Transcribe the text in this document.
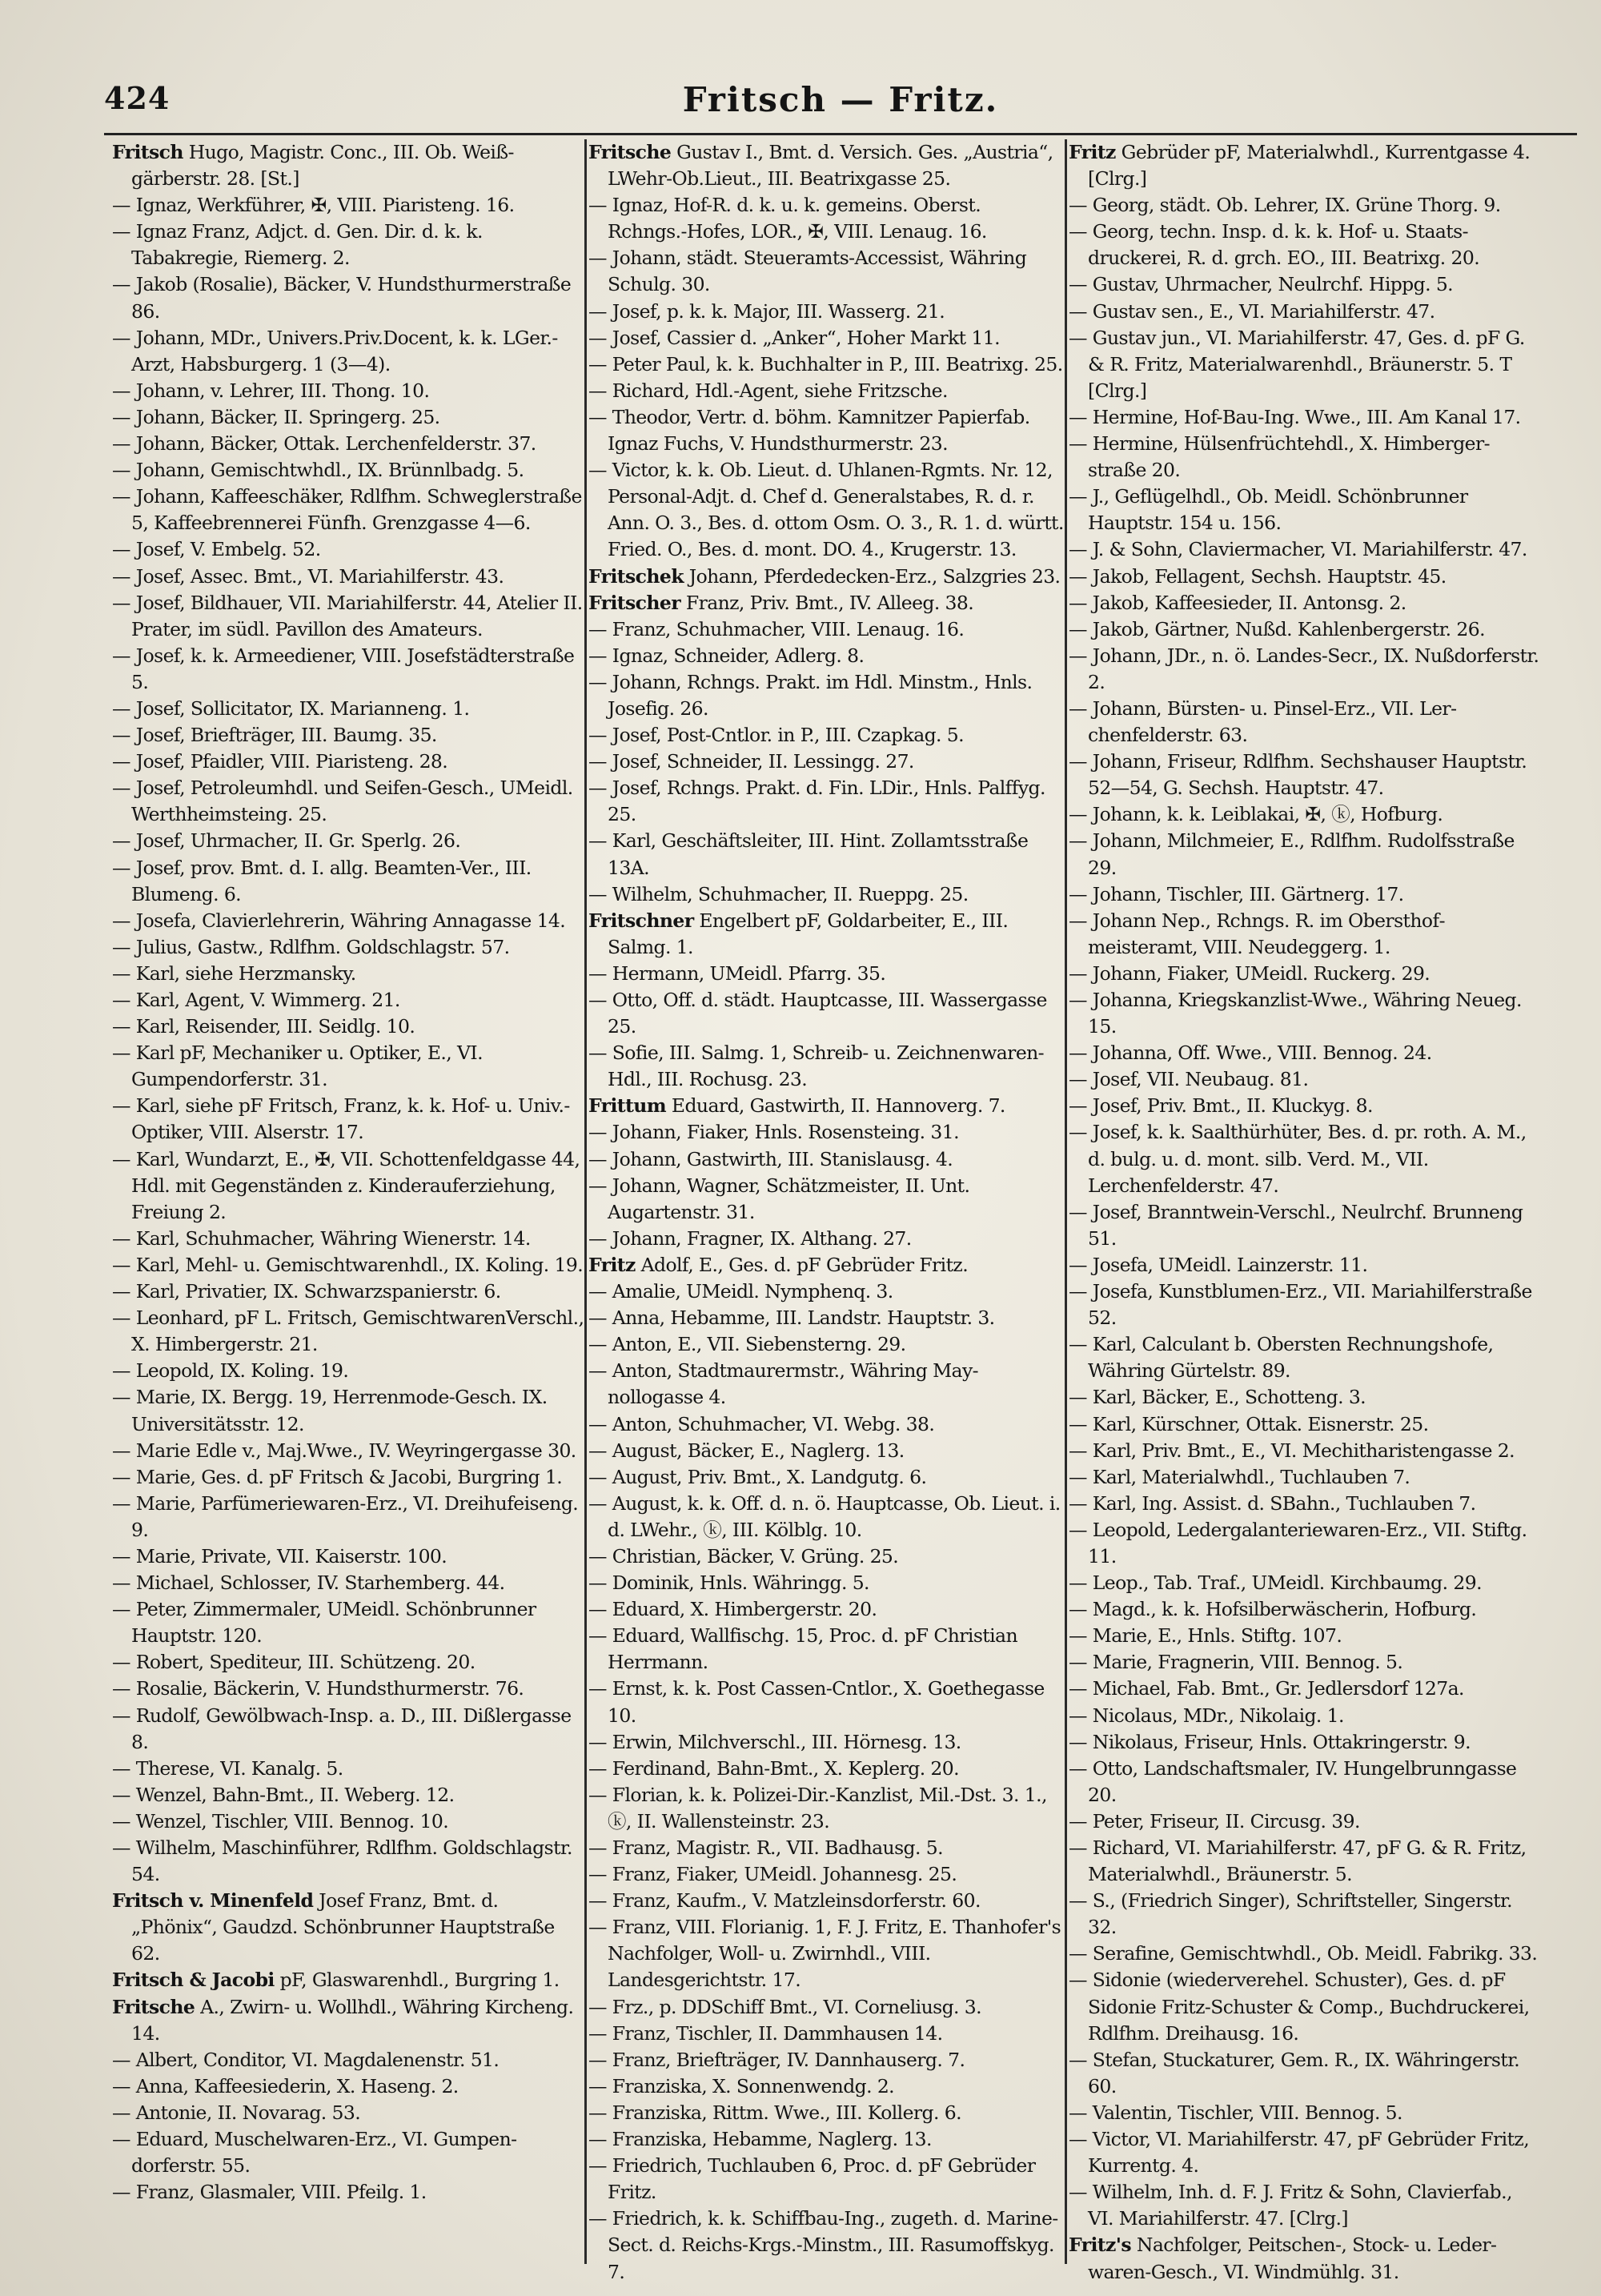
424	Fritsch — Fritz.

Fritsch Hugo, Magistr. Conc., III. Ob. Weißgärberstr. 28. [St.]

— Ignaz, Werkführer, ✠, VIII. Piaristeng. 16.

— Ignaz Franz, Adjct. d. Gen. Dir. d. k. k. Tabakregie, Riemerg. 2.

— Jakob (Rosalie), Bäcker, V. Hundsthurmerstraße 86.

— Johann, MDr., Univers.Priv.Docent, k. k. LGer.-Arzt, Habsburgerg. 1 (3—4).

— Johann, v. Lehrer, III. Thong. 10.

— Johann, Bäcker, II. Springerg. 25.

— Johann, Bäcker, Ottak. Lerchenfelderstr. 37.

— Johann, Gemischtwhdl., IX. Brünnlbadg. 5.

— Johann, Kaffeeschäker, Rdlfhm. Schweglerstraße 5, Kaffeebrennerei Fünfh. Grenzgasse 4—6.

— Josef, V. Embelg. 52.

— Josef, Assec. Bmt., VI. Mariahilferstr. 43.

— Josef, Bildhauer, VII. Mariahilferstr. 44, Atelier II. Prater, im südl. Pavillon des Amateurs.

— Josef, k. k. Armeediener, VIII. Josefstädterstraße 5.

— Josef, Sollicitator, IX. Marianneng. 1.

— Josef, Briefträger, III. Baumg. 35.

— Josef, Pfaidler, VIII. Piaristeng. 28.

— Josef, Petroleumhdl. und Seifen-Gesch., UMeidl. Werthheimsteing. 25.

— Josef, Uhrmacher, II. Gr. Sperlg. 26.

— Josef, prov. Bmt. d. I. allg. Beamten-Ver., III. Blumeng. 6.

— Josefa, Clavierlehrerin, Währing Annagasse 14.

— Julius, Gastw., Rdlfhm. Goldschlagstr. 57.

— Karl, siehe Herzmansky.

— Karl, Agent, V. Wimmerg. 21.

— Karl, Reisender, III. Seidlg. 10.

— Karl pF, Mechaniker u. Optiker, E., VI. Gumpendorferstr. 31.

— Karl, siehe pF Fritsch, Franz, k. k. Hof- u. Univ.-Optiker, VIII. Alserstr. 17.

— Karl, Wundarzt, E., ✠, VII. Schottenfeldgasse 44, Hdl. mit Gegenständen z. Kinderauferziehung, Freiung 2.

— Karl, Schuhmacher, Währing Wienerstr. 14.

— Karl, Mehl- u. Gemischtwarenhdl., IX. Koling. 19.

— Karl, Privatier, IX. Schwarzspanierstr. 6.

— Leonhard, pF L. Fritsch, GemischtwarenVerschl., X. Himbergerstr. 21.

— Leopold, IX. Koling. 19.

— Marie, IX. Bergg. 19, Herrenmode-Gesch. IX. Universitätsstr. 12.

— Marie Edle v., Maj.Wwe., IV. Weyringergasse 30.

— Marie, Ges. d. pF Fritsch & Jacobi, Burgring 1.

— Marie, Parfümeriewaren-Erz., VI. Dreihufeiseng. 9.

— Marie, Private, VII. Kaiserstr. 100.

— Michael, Schlosser, IV. Starhemberg. 44.

— Peter, Zimmermaler, UMeidl. Schönbrunner Hauptstr. 120.

— Robert, Spediteur, III. Schützeng. 20.

— Rosalie, Bäckerin, V. Hundsthurmerstr. 76.

— Rudolf, Gewölbwach-Insp. a. D., III. Dißlergasse 8.

— Therese, VI. Kanalg. 5.

— Wenzel, Bahn-Bmt., II. Weberg. 12.

— Wenzel, Tischler, VIII. Bennog. 10.

— Wilhelm, Maschinführer, Rdlfhm. Goldschlagstr. 54.

Fritsch v. Minenfeld Josef Franz, Bmt. d. „Phönix“, Gaudzd. Schönbrunner Hauptstraße 62.

Fritsch & Jacobi pF, Glaswarenhdl., Burgring 1.

Fritsche A., Zwirn- u. Wollhdl., Währing Kircheng. 14.

— Albert, Conditor, VI. Magdalenenstr. 51.

— Anna, Kaffeesiederin, X. Haseng. 2.

— Antonie, II. Novarag. 53.

— Eduard, Muschelwaren-Erz., VI. Gumpendorferstr. 55.

— Franz, Glasmaler, VIII. Pfeilg. 1.

Fritsche Gustav I., Bmt. d. Versich. Ges. „Austria“, LWehr-Ob.Lieut., III. Beatrixgasse 25.

— Ignaz, Hof-R. d. k. u. k. gemeins. Oberst. Rchngs.-Hofes, LOR., ✠, VIII. Lenaug. 16.

— Johann, städt. Steueramts-Accessist, Währing Schulg. 30.

— Josef, p. k. k. Major, III. Wasserg. 21.

— Josef, Cassier d. „Anker“, Hoher Markt 11.

— Peter Paul, k. k. Buchhalter in P., III. Beatrixg. 25.

— Richard, Hdl.-Agent, siehe Fritzsche.

— Theodor, Vertr. d. böhm. Kamnitzer Papierfab. Ignaz Fuchs, V. Hundsthurmerstr. 23.

— Victor, k. k. Ob. Lieut. d. Uhlanen-Rgmts. Nr. 12, Personal-Adjt. d. Chef d. Generalstabes, R. d. r. Ann. O. 3., Bes. d. ottom Osm. O. 3., R. 1. d. württ. Fried. O., Bes. d. mont. DO. 4., Krugerstr. 13.

Fritschek Johann, Pferdedecken-Erz., Salzgries 23.

Fritscher Franz, Priv. Bmt., IV. Alleeg. 38.

— Franz, Schuhmacher, VIII. Lenaug. 16.

— Ignaz, Schneider, Adlerg. 8.

— Johann, Rchngs. Prakt. im Hdl. Minstm., Hnls. Josefig. 26.

— Josef, Post-Cntlor. in P., III. Czapkag. 5.

— Josef, Schneider, II. Lessingg. 27.

— Josef, Rchngs. Prakt. d. Fin. LDir., Hnls. Palffyg. 25.

— Karl, Geschäftsleiter, III. Hint. Zollamtsstraße 13A.

— Wilhelm, Schuhmacher, II. Rueppg. 25.

Fritschner Engelbert pF, Goldarbeiter, E., III. Salmg. 1.

— Hermann, UMeidl. Pfarrg. 35.

— Otto, Off. d. städt. Hauptcasse, III. Wassergasse 25.

— Sofie, III. Salmg. 1, Schreib- u. Zeichnenwaren-Hdl., III. Rochusg. 23.

Frittum Eduard, Gastwirth, II. Hannoverg. 7.

— Johann, Fiaker, Hnls. Rosensteing. 31.

— Johann, Gastwirth, III. Stanislausg. 4.

— Johann, Wagner, Schätzmeister, II. Unt. Augartenstr. 31.

— Johann, Fragner, IX. Althang. 27.

Fritz Adolf, E., Ges. d. pF Gebrüder Fritz.

— Amalie, UMeidl. Nymphenq. 3.

— Anna, Hebamme, III. Landstr. Hauptstr. 3.

— Anton, E., VII. Siebensterng. 29.

— Anton, Stadtmaurermstr., Währing Maynollogasse 4.

— Anton, Schuhmacher, VI. Webg. 38.

— August, Bäcker, E., Naglerg. 13.

— August, Priv. Bmt., X. Landgutg. 6.

— August, k. k. Off. d. n. ö. Hauptcasse, Ob. Lieut. i. d. LWehr., ⓚ, III. Kölblg. 10.

— Christian, Bäcker, V. Grüng. 25.

— Dominik, Hnls. Währingg. 5.

— Eduard, X. Himbergerstr. 20.

— Eduard, Wallfischg. 15, Proc. d. pF Christian Herrmann.

— Ernst, k. k. Post Cassen-Cntlor., X. Goethegasse 10.

— Erwin, Milchverschl., III. Hörnesg. 13.

— Ferdinand, Bahn-Bmt., X. Keplerg. 20.

— Florian, k. k. Polizei-Dir.-Kanzlist, Mil.-Dst. 3. 1., ⓚ, II. Wallensteinstr. 23.

— Franz, Magistr. R., VII. Badhausg. 5.

— Franz, Fiaker, UMeidl. Johannesg. 25.

— Franz, Kaufm., V. Matzleinsdorferstr. 60.

— Franz, VIII. Florianig. 1, F. J. Fritz, E. Thanhofer's Nachfolger, Woll- u. Zwirnhdl., VIII. Landesgerichtstr. 17.

— Frz., p. DDSchiff Bmt., VI. Corneliusg. 3.

— Franz, Tischler, II. Dammhausen 14.

— Franz, Briefträger, IV. Dannhauserg. 7.

— Franziska, X. Sonnenwendg. 2.

— Franziska, Rittm. Wwe., III. Kollerg. 6.

— Franziska, Hebamme, Naglerg. 13.

— Friedrich, Tuchlauben 6, Proc. d. pF Gebrüder Fritz.

— Friedrich, k. k. Schiffbau-Ing., zugeth. d. Marine-Sect. d. Reichs-Krgs.-Minstm., III. Rasumoffskyg. 7.

Fritz Gebrüder pF, Materialwhdl., Kurrentgasse 4. [Clrg.]

— Georg, städt. Ob. Lehrer, IX. Grüne Thorg. 9.

— Georg, techn. Insp. d. k. k. Hof- u. Staatsdruckerei, R. d. grch. EO., III. Beatrixg. 20.

— Gustav, Uhrmacher, Neulrchf. Hippg. 5.

— Gustav sen., E., VI. Mariahilferstr. 47.

— Gustav jun., VI. Mariahilferstr. 47, Ges. d. pF G. & R. Fritz, Materialwarenhdl., Bräunerstr. 5. T [Clrg.]

— Hermine, Hof-Bau-Ing. Wwe., III. Am Kanal 17.

— Hermine, Hülsenfrüchtehdl., X. Himbergerstraße 20.

— J., Geflügelhdl., Ob. Meidl. Schönbrunner Hauptstr. 154 u. 156.

— J. & Sohn, Claviermacher, VI. Mariahilferstr. 47.

— Jakob, Fellagent, Sechsh. Hauptstr. 45.

— Jakob, Kaffeesieder, II. Antonsg. 2.

— Jakob, Gärtner, Nußd. Kahlenbergerstr. 26.

— Johann, JDr., n. ö. Landes-Secr., IX. Nußdorferstr. 2.

— Johann, Bürsten- u. Pinsel-Erz., VII. Lerchenfelderstr. 63.

— Johann, Friseur, Rdlfhm. Sechshauser Hauptstr. 52—54, G. Sechsh. Hauptstr. 47.

— Johann, k. k. Leiblakai, ✠, ⓚ, Hofburg.

— Johann, Milchmeier, E., Rdlfhm. Rudolfsstraße 29.

— Johann, Tischler, III. Gärtnerg. 17.

— Johann Nep., Rchngs. R. im Obersthofmeisteramt, VIII. Neudeggerg. 1.

— Johann, Fiaker, UMeidl. Ruckerg. 29.

— Johanna, Kriegskanzlist-Wwe., Währing Neueg. 15.

— Johanna, Off. Wwe., VIII. Bennog. 24.

— Josef, VII. Neubaug. 81.

— Josef, Priv. Bmt., II. Kluckyg. 8.

— Josef, k. k. Saalthürhüter, Bes. d. pr. roth. A. M., d. bulg. u. d. mont. silb. Verd. M., VII. Lerchenfelderstr. 47.

— Josef, Branntwein-Verschl., Neulrchf. Brunneng 51.

— Josefa, UMeidl. Lainzerstr. 11.

— Josefa, Kunstblumen-Erz., VII. Mariahilferstraße 52.

— Karl, Calculant b. Obersten Rechnungshofe, Währing Gürtelstr. 89.

— Karl, Bäcker, E., Schotteng. 3.

— Karl, Kürschner, Ottak. Eisnerstr. 25.

— Karl, Priv. Bmt., E., VI. Mechitharistengasse 2.

— Karl, Materialwhdl., Tuchlauben 7.

— Karl, Ing. Assist. d. SBahn., Tuchlauben 7.

— Leopold, Ledergalanteriewaren-Erz., VII. Stiftg. 11.

— Leop., Tab. Traf., UMeidl. Kirchbaumg. 29.

— Magd., k. k. Hofsilberwäscherin, Hofburg.

— Marie, E., Hnls. Stiftg. 107.

— Marie, Fragnerin, VIII. Bennog. 5.

— Michael, Fab. Bmt., Gr. Jedlersdorf 127a.

— Nicolaus, MDr., Nikolaig. 1.

— Nikolaus, Friseur, Hnls. Ottakringerstr. 9.

— Otto, Landschaftsmaler, IV. Hungelbrunngasse 20.

— Peter, Friseur, II. Circusg. 39.

— Richard, VI. Mariahilferstr. 47, pF G. & R. Fritz, Materialwhdl., Bräunerstr. 5.

— S., (Friedrich Singer), Schriftsteller, Singerstr. 32.

— Serafine, Gemischtwhdl., Ob. Meidl. Fabrikg. 33.

— Sidonie (wiederverehel. Schuster), Ges. d. pF Sidonie Fritz-Schuster & Comp., Buchdruckerei, Rdlfhm. Dreihausg. 16.

— Stefan, Stuckaturer, Gem. R., IX. Währingerstr. 60.

— Valentin, Tischler, VIII. Bennog. 5.

— Victor, VI. Mariahilferstr. 47, pF Gebrüder Fritz, Kurrentg. 4.

— Wilhelm, Inh. d. F. J. Fritz & Sohn, Clavierfab., VI. Mariahilferstr. 47. [Clrg.]

Fritz's Nachfolger, Peitschen-, Stock- u. Lederwaren-Gesch., VI. Windmühlg. 31.
